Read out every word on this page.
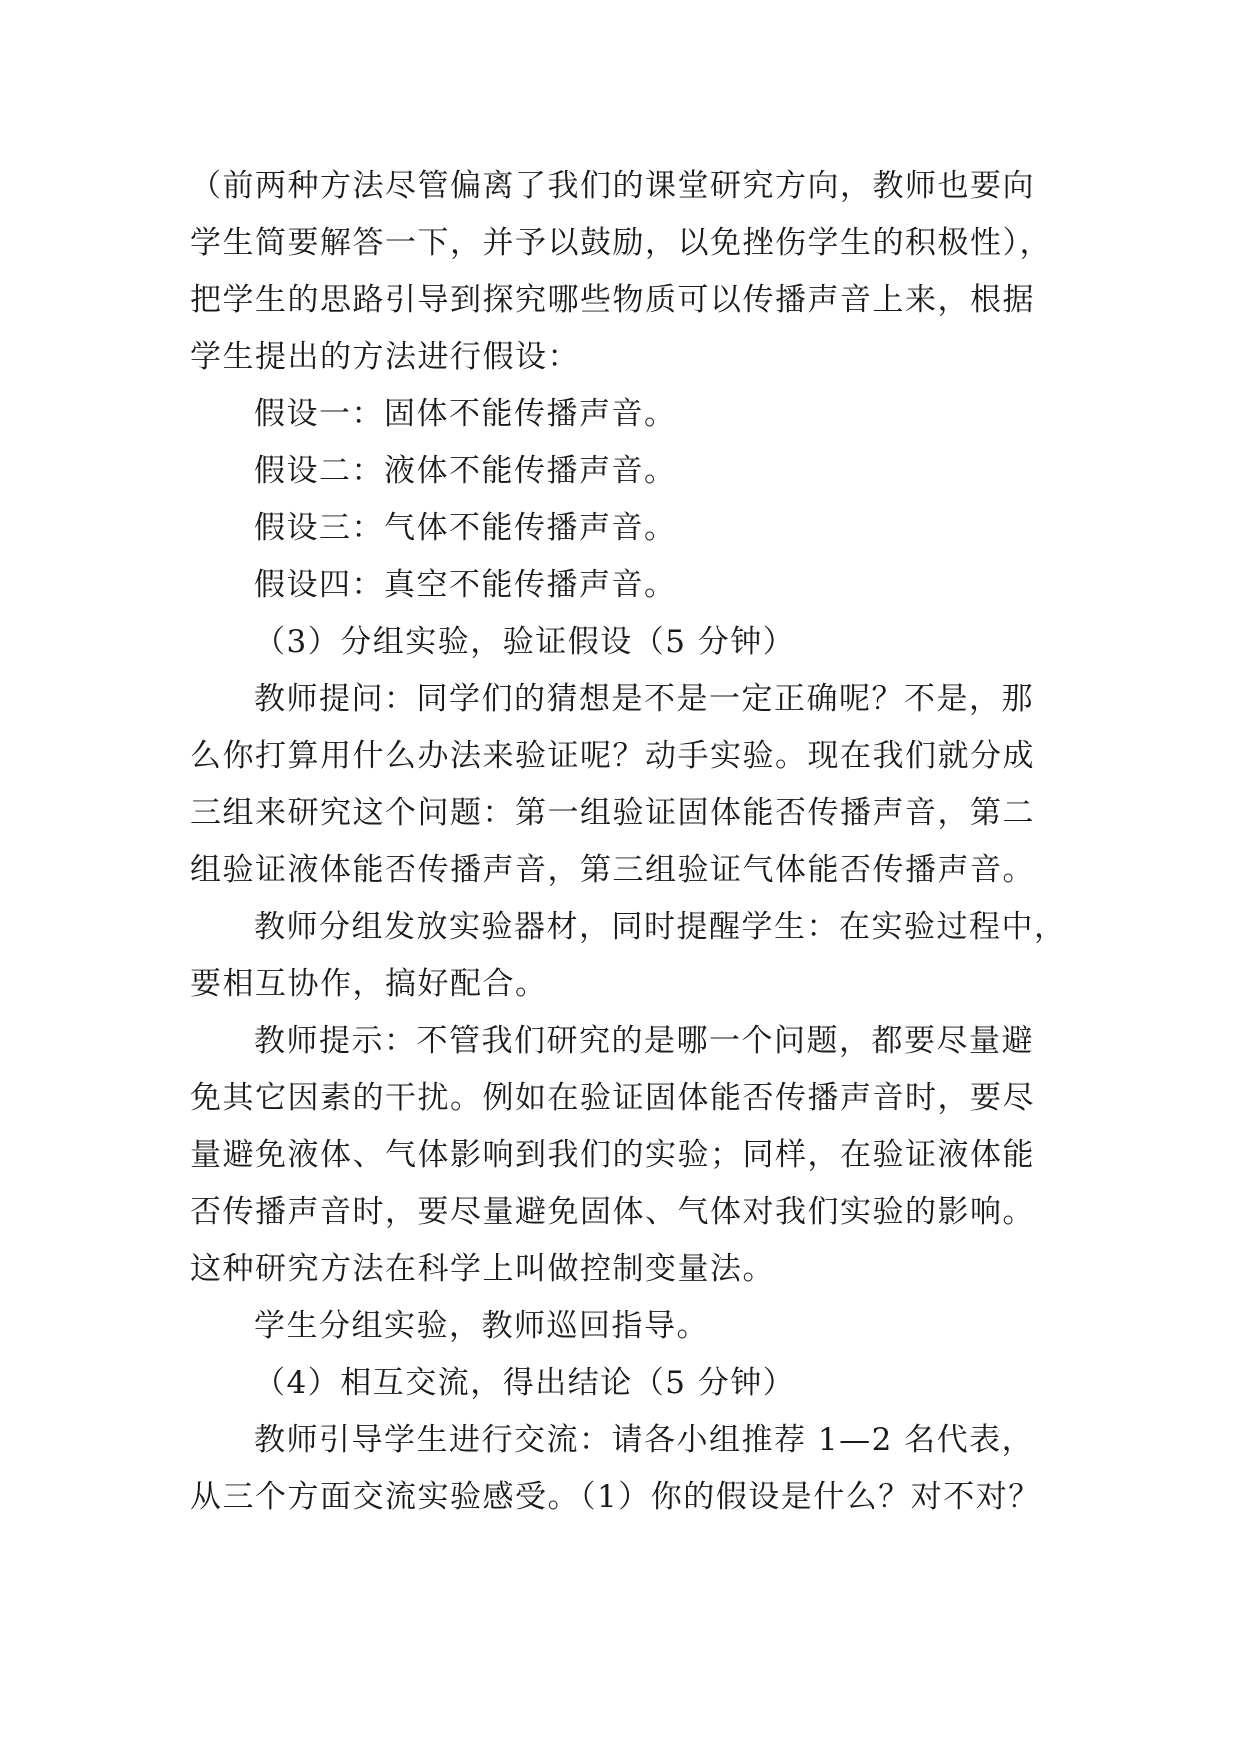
（前两种方法尽管偏离了我们的课堂研究方向，教师也要向
学生简要解答一下，并予以鼓励，以免挫伤学生的积极性），
把学生的思路引导到探究哪些物质可以传播声音上来，根据
学生提出的方法进行假设：
假设一：固体不能传播声音。
假设二：液体不能传播声音。
假设三：气体不能传播声音。
假设四：真空不能传播声音。
（3）分组实验，验证假设（5 分钟）
教师提问：同学们的猜想是不是一定正确呢？不是，那
么你打算用什么办法来验证呢？动手实验。现在我们就分成
三组来研究这个问题：第一组验证固体能否传播声音，第二
组验证液体能否传播声音，第三组验证气体能否传播声音。
教师分组发放实验器材，同时提醒学生：在实验过程中，
要相互协作，搞好配合。
教师提示：不管我们研究的是哪一个问题，都要尽量避
免其它因素的干扰。例如在验证固体能否传播声音时，要尽
量避免液体、气体影响到我们的实验；同样，在验证液体能
否传播声音时，要尽量避免固体、气体对我们实验的影响。
这种研究方法在科学上叫做控制变量法。
学生分组实验，教师巡回指导。
（4）相互交流，得出结论（5 分钟）
教师引导学生进行交流：请各小组推荐 1—2 名代表，
从三个方面交流实验感受。（1）你的假设是什么？对不对？
